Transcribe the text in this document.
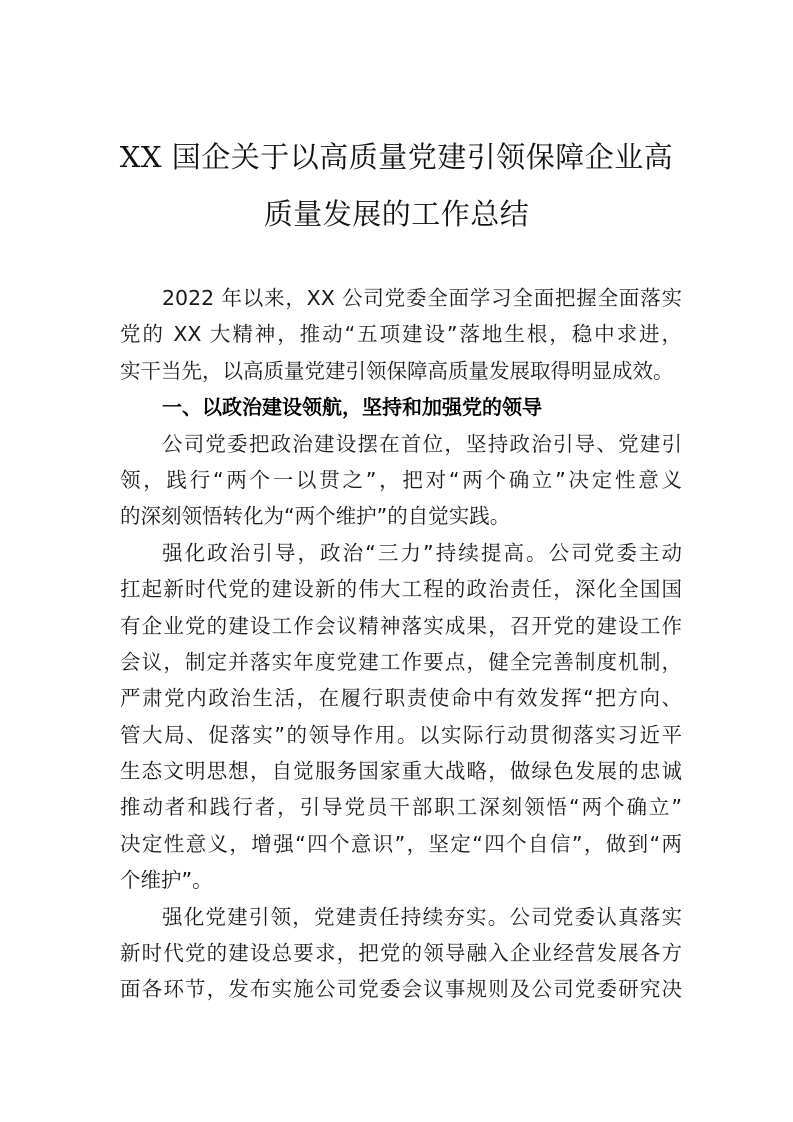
XX 国企关于以高质量党建引领保障企业高
质量发展的工作总结
2022 年以来，XX 公司党委全面学习全面把握全面落实
党的 XX 大精神，推动“五项建设”落地生根，稳中求进，
实干当先，以高质量党建引领保障高质量发展取得明显成效。
一、以政治建设领航，坚持和加强党的领导
公司党委把政治建设摆在首位，坚持政治引导、党建引
领，践行“两个一以贯之”，把对“两个确立”决定性意义
的深刻领悟转化为“两个维护”的自觉实践。
强化政治引导，政治“三力”持续提高。公司党委主动
扛起新时代党的建设新的伟大工程的政治责任，深化全国国
有企业党的建设工作会议精神落实成果，召开党的建设工作
会议，制定并落实年度党建工作要点，健全完善制度机制，
严肃党内政治生活，在履行职责使命中有效发挥“把方向、
管大局、促落实”的领导作用。以实际行动贯彻落实习近平
生态文明思想，自觉服务国家重大战略，做绿色发展的忠诚
推动者和践行者，引导党员干部职工深刻领悟“两个确立”
决定性意义，增强“四个意识”，坚定“四个自信”，做到“两
个维护”。
强化党建引领，党建责任持续夯实。公司党委认真落实
新时代党的建设总要求，把党的领导融入企业经营发展各方
面各环节，发布实施公司党委会议事规则及公司党委研究决
